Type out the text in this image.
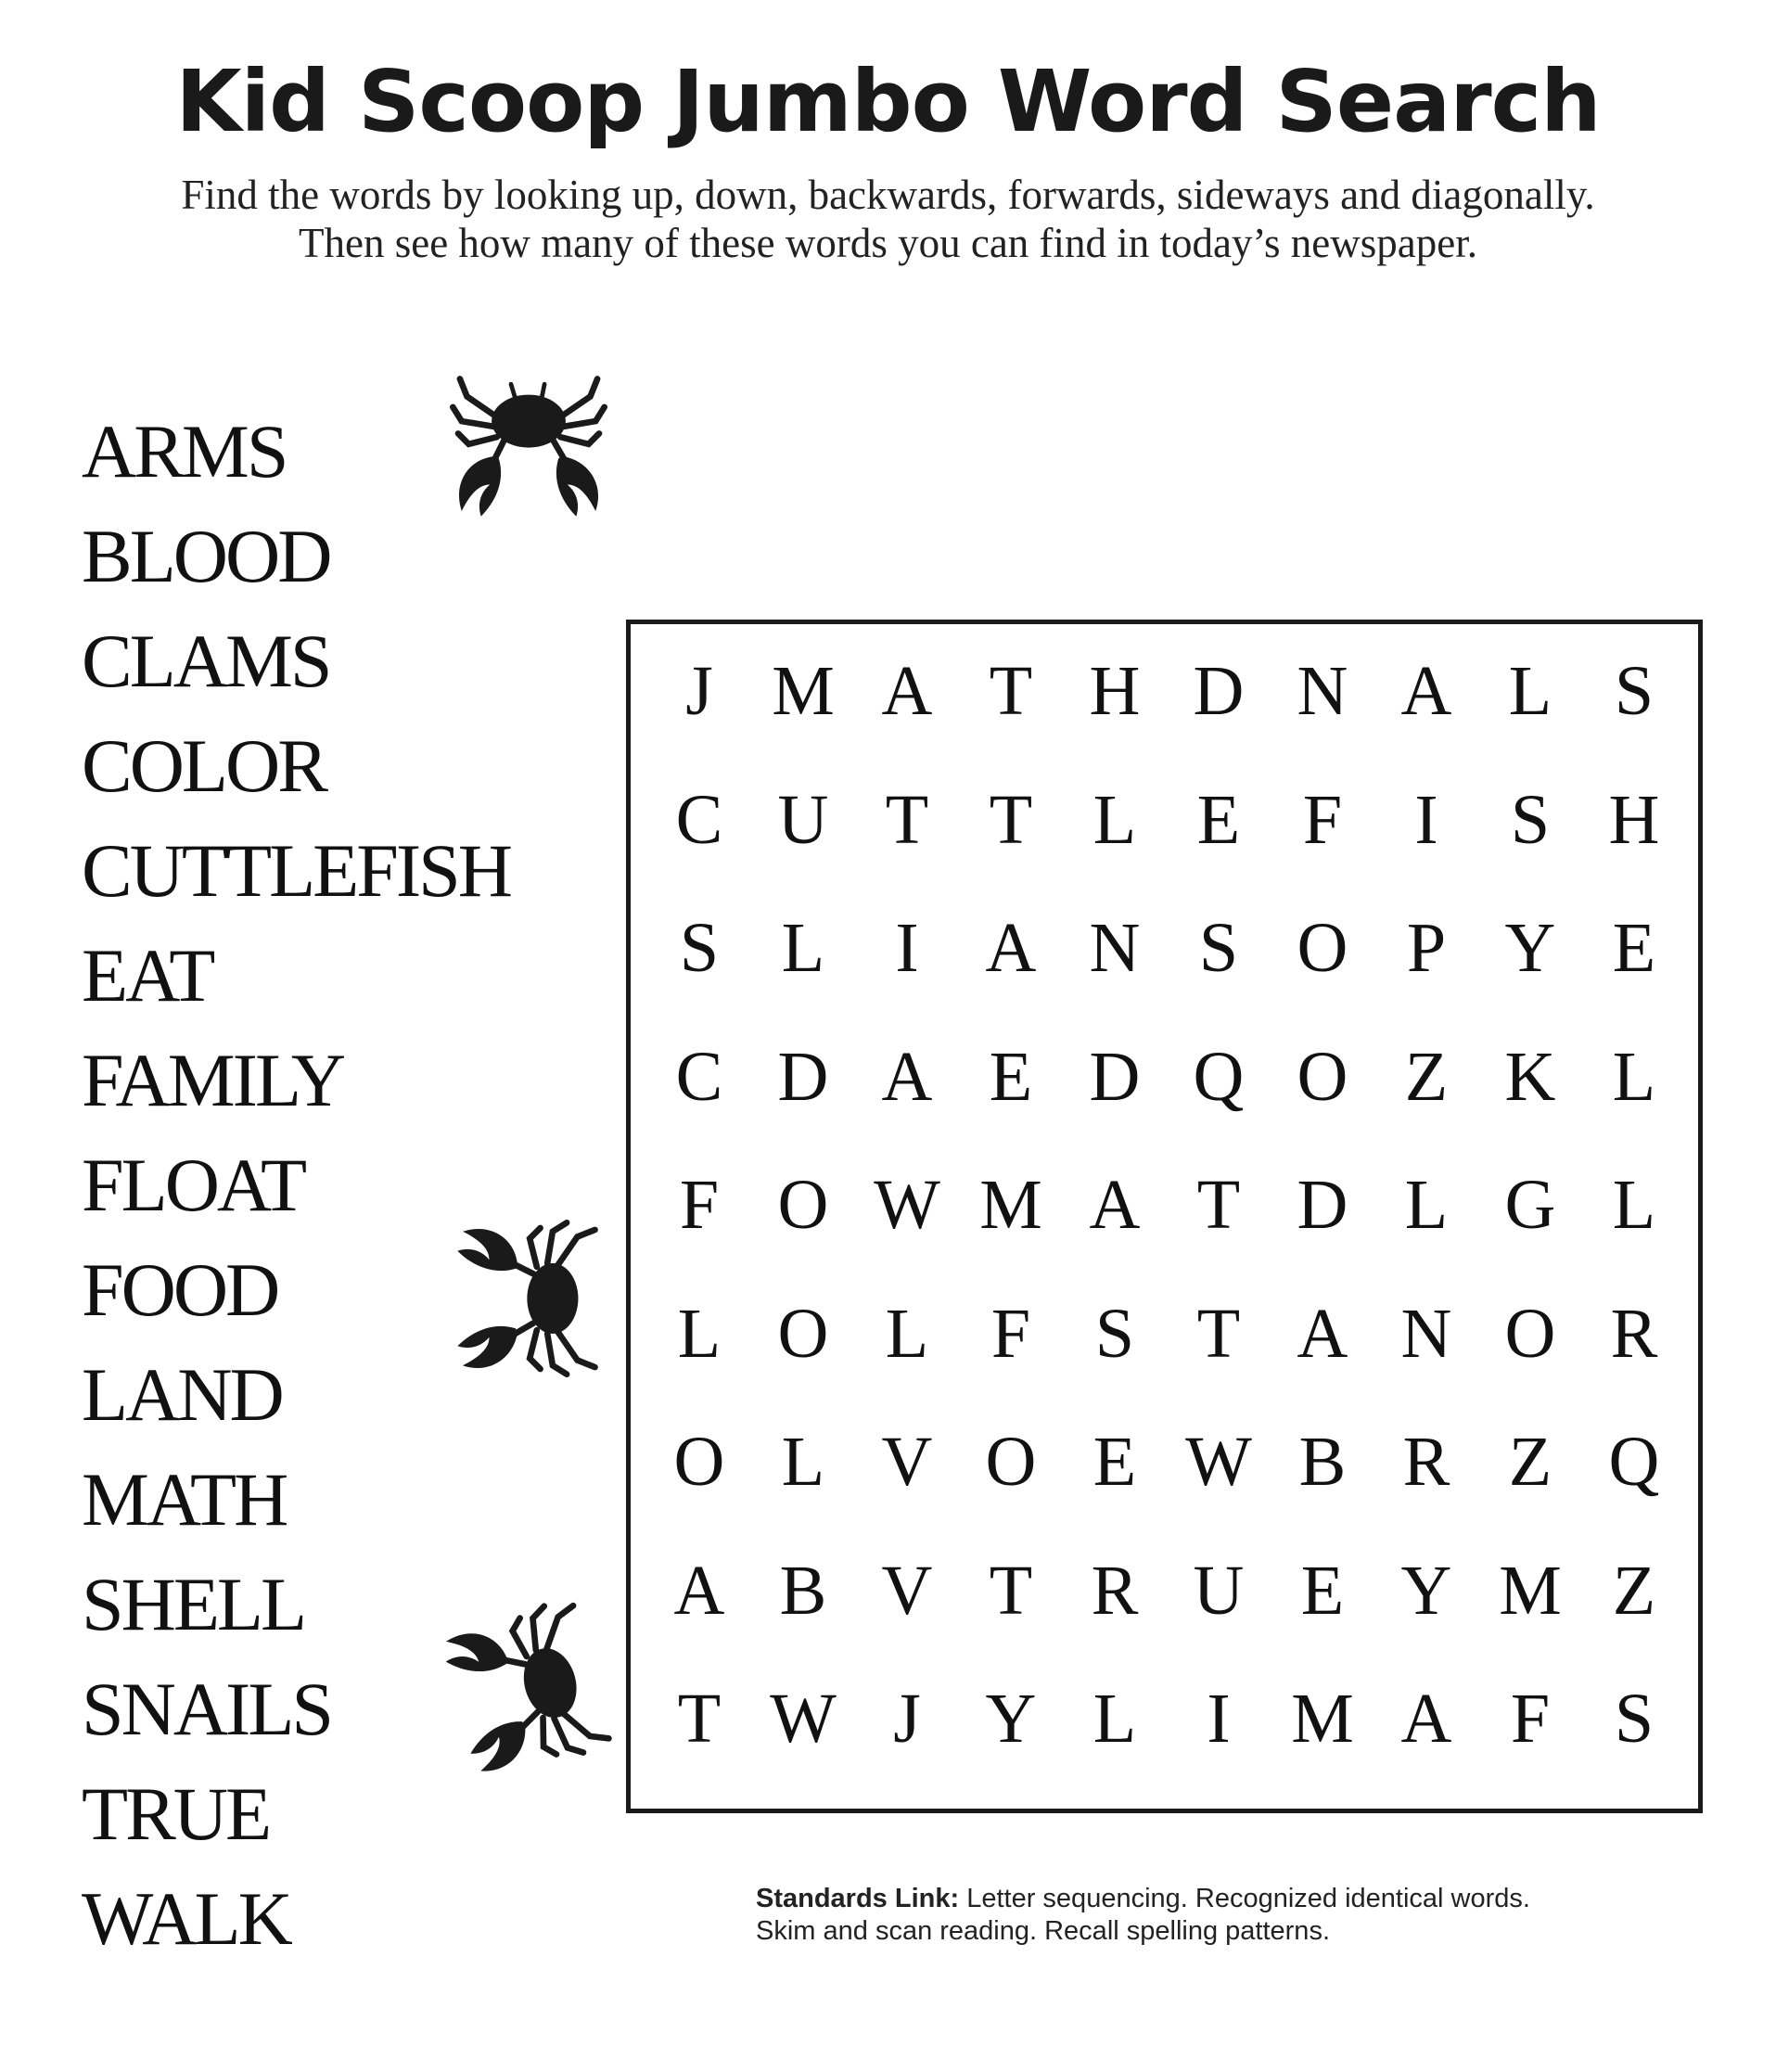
Kid Scoop Jumbo Word Search
Find the words by looking up, down, backwards, forwards, sideways and diagonally.
Then see how many of these words you can find in today’s newspaper.
ARMS
BLOOD
CLAMS
COLOR
CUTTLEFISH
EAT
FAMILY
FLOAT
FOOD
LAND
MATH
SHELL
SNAILS
TRUE
WALK
J M A T H D N A L S
C U T T L E F	I	S H
S L	I A N S O P Y E
C D A E D Q O Z K L
F O W M A T D L G L
L O L F S T A N O R
O L V O E W B R Z Q
A B V T R U E Y M Z
T W J Y L	I M A F S
Standards Link: Letter sequencing. Recognized identical words.
Skim and scan reading. Recall spelling patterns.
